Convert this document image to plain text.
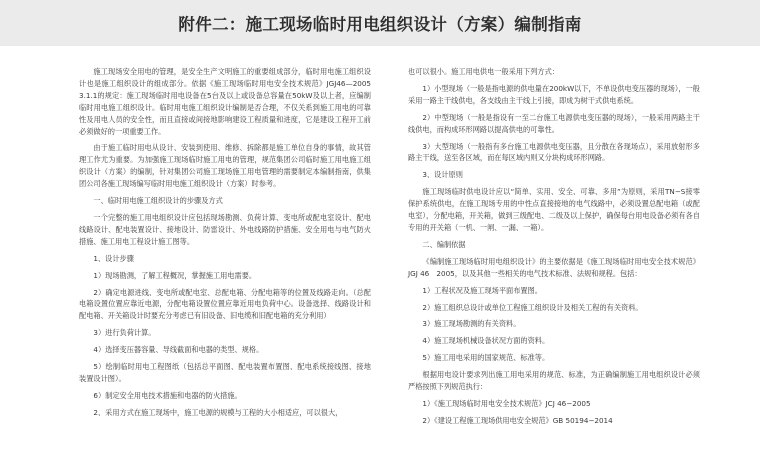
附件二：施工现场临时用电组织设计（方案）编制指南

施工现场安全用电的管理，是安全生产文明施工的重要组成部分，临时用电施工组织设计也是施工组织设计的组成部分。依据《施工现场临时用电安全技术规范》JGJ46—2005 3.1.1的规定：施工现场临时用电设备在5台及以上或设备总容量在50kW及以上者，应编制临时用电施工组织设计。临时用电施工组织设计编制是否合理，不仅关系到施工用电的可靠性及用电人员的安全性，而且直接或间接地影响建设工程质量和进度，它是建设工程开工前必须做好的一项重要工作。

由于施工临时用电从设计、安装到使用、维修、拆除都是施工单位自身的事情，故其管理工作尤为重要。为加强施工现场临时施工用电的管理，规范集团公司临时施工用电施工组织设计（方案）的编制，针对集团公司施工现场施工用电管理的需要制定本编制指南，供集团公司各施工现场编写临时用电施工组织设计（方案）时参考。

一、临时用电施工组织设计的步骤及方式

一个完整的施工用电组织设计应包括现场勘测、负荷计算、变电所或配电室设计、配电线路设计、配电装置设计、接地设计、防雷设计、外电线路防护措施、安全用电与电气防火措施、施工用电工程设计施工图等。

1、设计步骤

1）现场勘测，了解工程概况，掌握施工用电需要。

2）确定电源进线、变电所或配电室、总配电箱、分配电箱等的位置及线路走向。（总配电箱设置位置应靠近电源，分配电箱设置位置应靠近用电负荷中心。设备选择、线路设计和配电箱、开关箱设计时要充分考虑已有旧设备、旧电缆和旧配电箱的充分利用）

3）进行负荷计算。

4）选择变压器容量、导线截面和电器的类型、规格。

5）绘制临时用电工程图纸（包括总平面图、配电装置布置图、配电系统接线图、接地装置设计图）。

6）制定安全用电技术措施和电器的防火措施。

2、采用方式在施工现场中，施工电源的规模与工程的大小相适应，可以很大，

也可以很小。施工用电供电一般采用下列方式：

1）小型现场（一般是指电源的供电量在200kW以下，不单设供电变压器的现场），一般采用一路主干线供电，各支线由主干线上引接，即成为树干式供电系统。

2）中型现场（一般是指设有一至二台施工电源供电变压器的现场），一般采用两路主干线供电，而构成环形网路以提高供电的可靠性。

3）大型现场（一般指有多台施工电源供电变压器，且分散在各现场点），采用放射形多路主干线，送至各区域，而在每区域内则又分块构成环形网路。

3、设计原则

施工现场临时供电设计应以“简单、实用、安全、可靠、多用”为原则，采用TN−S接零保护系统供电，在施工现场专用的中性点直接接地的电气线路中，必须设置总配电箱（或配电室），分配电箱，开关箱，做到三级配电、二级及以上保护，确保每台用电设备必须有各自专用的开关箱（一机、一闸、一漏、一箱）。

二、编制依据

《编制施工现场临时用电组织设计》的主要依据是《施工现场临时用电安全技术规范》JGJ 46　2005，以及其他一些相关的电气技术标准、法规和规程。包括：

1）工程状况及施工现场平面布置图。

2）施工组织总设计或单位工程施工组织设计及相关工程的有关资料。

3）施工现场勘测的有关资料。

4）施工现场机械设备状况方面的资料。

5）施工用电采用的国家规范、标准等。

根据用电设计要求列出施工用电采用的规范、标准，为正确编制施工用电组织设计必须严格按照下列规范执行：

1）《施工现场临时用电安全技术规范》JCJ 46−2005

2）《建设工程施工现场供用电安全规范》GB 50194−2014
